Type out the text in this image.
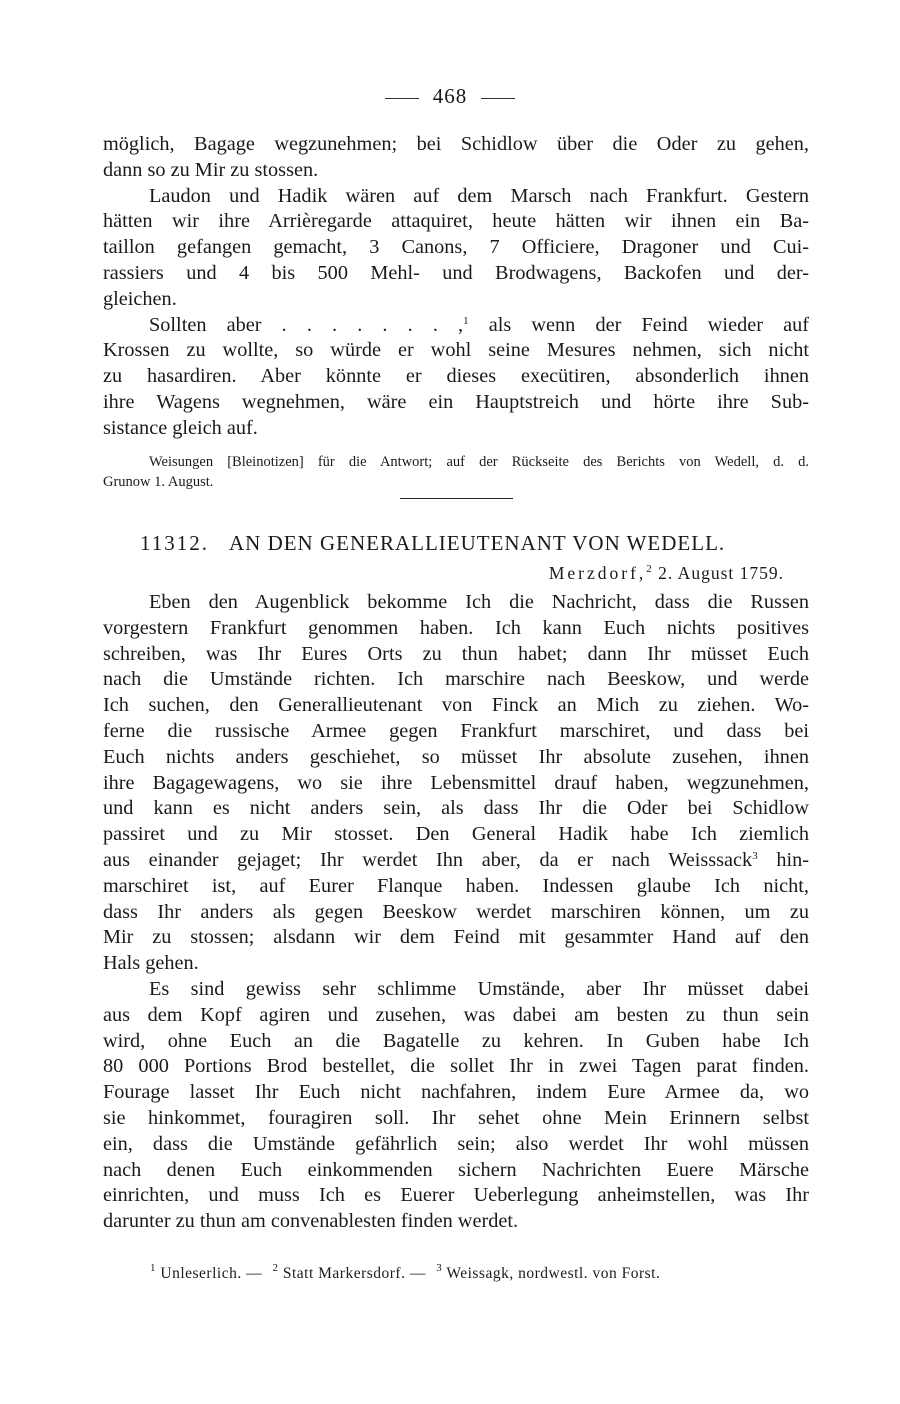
468
möglich, Bagage wegzunehmen; bei Schidlow über die Oder zu gehen,
dann so zu Mir zu stossen.
Laudon und Hadik wären auf dem Marsch nach Frankfurt. Gestern
hätten wir ihre Arrièregarde attaquiret, heute hätten wir ihnen ein Ba-
taillon gefangen gemacht, 3 Canons, 7 Officiere, Dragoner und Cui-
rassiers und 4 bis 500 Mehl- und Brodwagens, Backofen und der-
gleichen.
Sollten aber . . . . . . . ,$^1$ als wenn der Feind wieder auf
Krossen zu wollte, so würde er wohl seine Mesures nehmen, sich nicht
zu hasardiren. Aber könnte er dieses execütiren, absonderlich ihnen
ihre Wagens wegnehmen, wäre ein Hauptstreich und hörte ihre Sub-
sistance gleich auf.
Weisungen [Bleinotizen] für die Antwort; auf der Rückseite des Berichts von Wedell, d. d.
Grunow 1. August.
11312. AN DEN GENERALLIEUTENANT VON WEDELL.
Merzdorf,$^2$ 2. August 1759.
Eben den Augenblick bekomme Ich die Nachricht, dass die Russen
vorgestern Frankfurt genommen haben. Ich kann Euch nichts positives
schreiben, was Ihr Eures Orts zu thun habet; dann Ihr müsset Euch
nach die Umstände richten. Ich marschire nach Beeskow, und werde
Ich suchen, den Generallieutenant von Finck an Mich zu ziehen. Wo-
ferne die russische Armee gegen Frankfurt marschiret, und dass bei
Euch nichts anders geschiehet, so müsset Ihr absolute zusehen, ihnen
ihre Bagagewagens, wo sie ihre Lebensmittel drauf haben, wegzunehmen,
und kann es nicht anders sein, als dass Ihr die Oder bei Schidlow
passiret und zu Mir stosset. Den General Hadik habe Ich ziemlich
aus einander gejaget; Ihr werdet Ihn aber, da er nach Weisssack$^3$ hin-
marschiret ist, auf Eurer Flanque haben. Indessen glaube Ich nicht,
dass Ihr anders als gegen Beeskow werdet marschiren können, um zu
Mir zu stossen; alsdann wir dem Feind mit gesammter Hand auf den
Hals gehen.
Es sind gewiss sehr schlimme Umstände, aber Ihr müsset dabei
aus dem Kopf agiren und zusehen, was dabei am besten zu thun sein
wird, ohne Euch an die Bagatelle zu kehren. In Guben habe Ich
80 000 Portions Brod bestellet, die sollet Ihr in zwei Tagen parat finden.
Fourage lasset Ihr Euch nicht nachfahren, indem Eure Armee da, wo
sie hinkommet, fouragiren soll. Ihr sehet ohne Mein Erinnern selbst
ein, dass die Umstände gefährlich sein; also werdet Ihr wohl müssen
nach denen Euch einkommenden sichern Nachrichten Euere Märsche
einrichten, und muss Ich es Euerer Ueberlegung anheimstellen, was Ihr
darunter zu thun am convenablesten finden werdet.
$^1$ Unleserlich. — $^2$ Statt Markersdorf. — $^3$ Weissagk, nordwestl. von Forst.
